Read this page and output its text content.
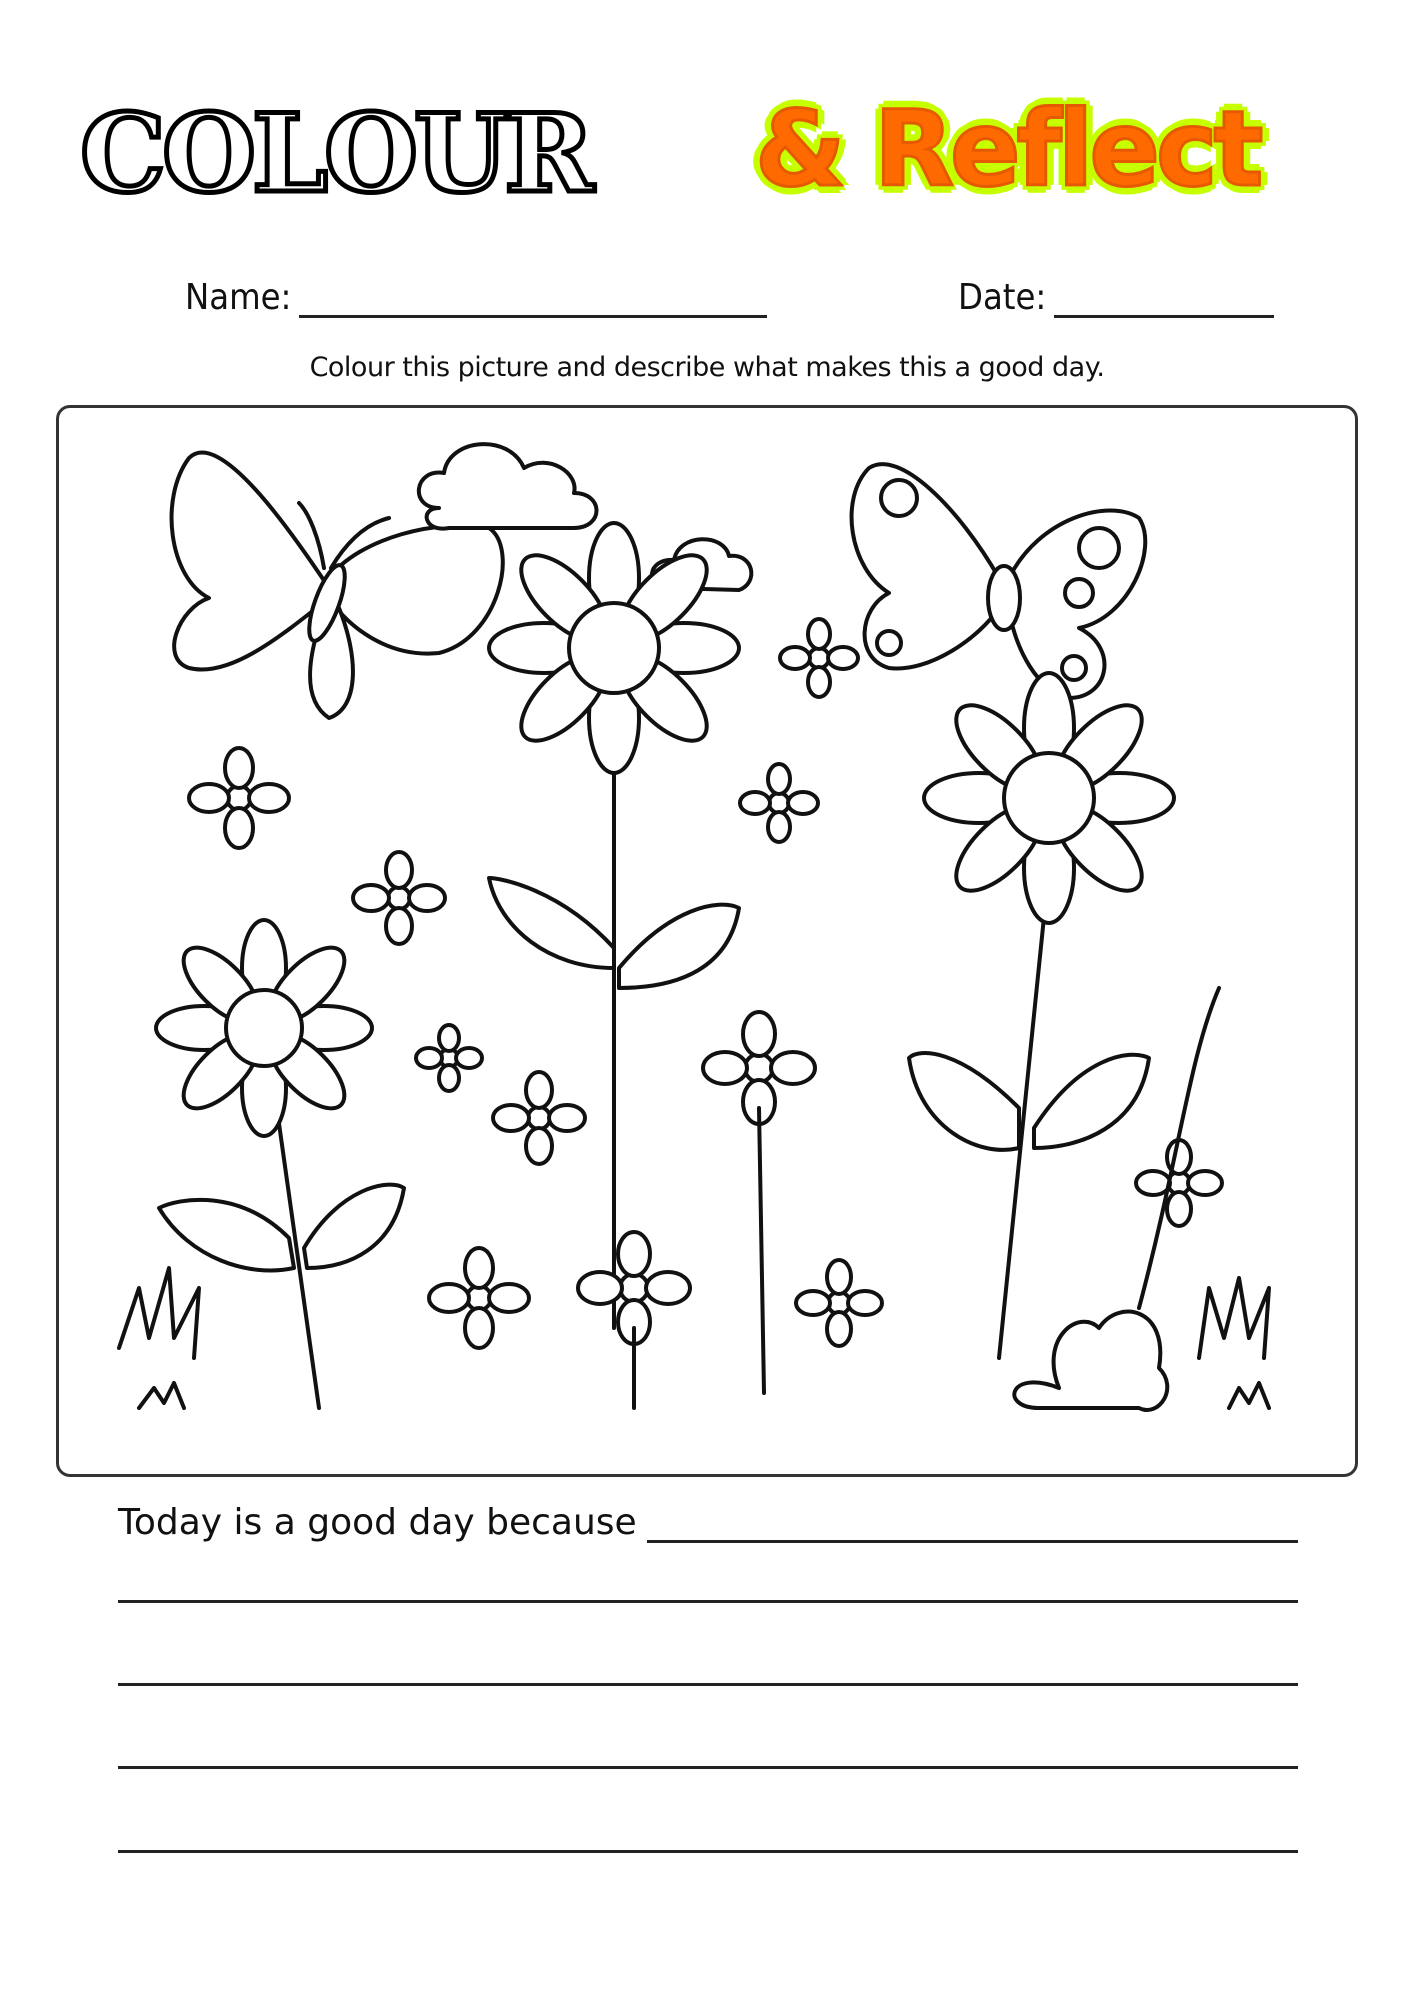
COLOUR & Reflect
Name:	Date:
Colour this picture and describe what makes this a good day.
Today is a good day because
